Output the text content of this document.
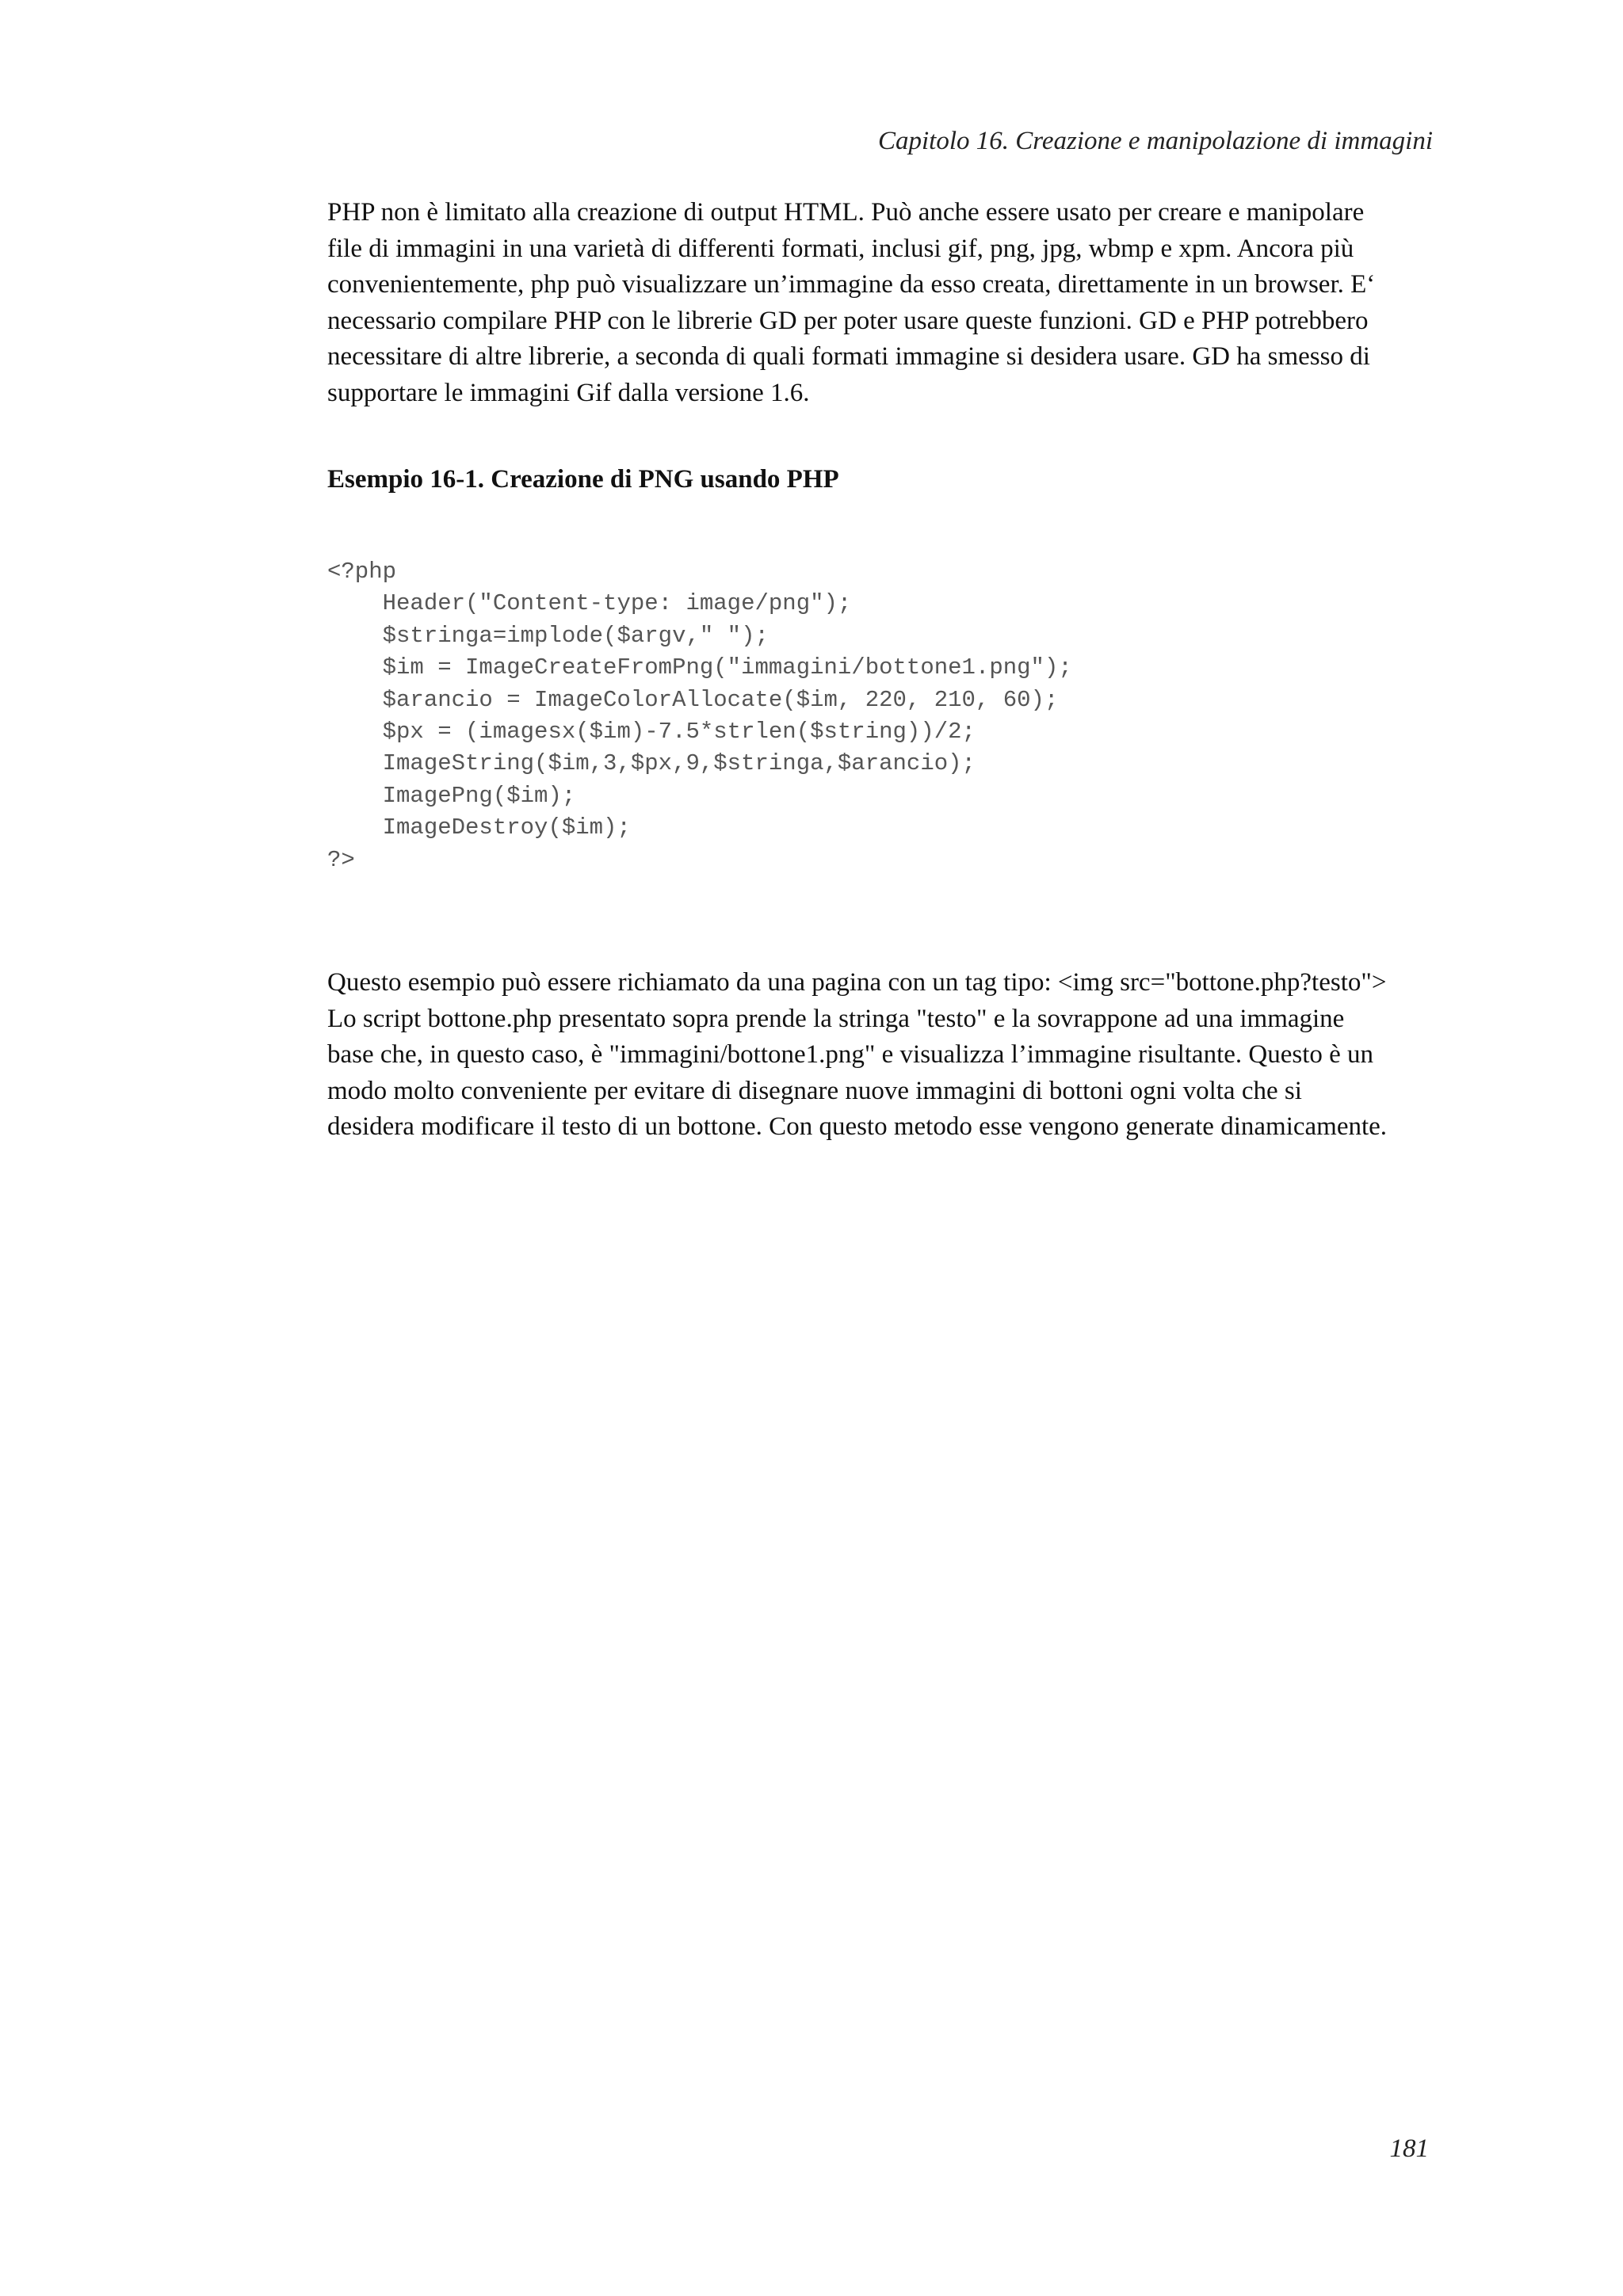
Capitolo 16. Creazione e manipolazione di immagini

PHP non è limitato alla creazione di output HTML. Può anche essere usato per creare e manipolare
file di immagini in una varietà di differenti formati, inclusi gif, png, jpg, wbmp e xpm. Ancora più
convenientemente, php può visualizzare un’immagine da esso creata, direttamente in un browser. E‘
necessario compilare PHP con le librerie GD per poter usare queste funzioni. GD e PHP potrebbero
necessitare di altre librerie, a seconda di quali formati immagine si desidera usare. GD ha smesso di
supportare le immagini Gif dalla versione 1.6.

Esempio 16-1. Creazione di PNG usando PHP
<?php
Header("Content-type: image/png");
$stringa=implode($argv," ");
$im = ImageCreateFromPng("immagini/bottone1.png");
$arancio = ImageColorAllocate($im, 220, 210, 60);
$px = (imagesx($im)-7.5*strlen($string))/2;
ImageString($im,3,$px,9,$stringa,$arancio);
ImagePng($im);
ImageDestroy($im);
?>

Questo esempio può essere richiamato da una pagina con un tag tipo: <img src="bottone.php?testo">
Lo script bottone.php presentato sopra prende la stringa "testo" e la sovrappone ad una immagine
base che, in questo caso, è "immagini/bottone1.png" e visualizza l’immagine risultante. Questo è un
modo molto conveniente per evitare di disegnare nuove immagini di bottoni ogni volta che si
desidera modificare il testo di un bottone. Con questo metodo esse vengono generate dinamicamente.

181
